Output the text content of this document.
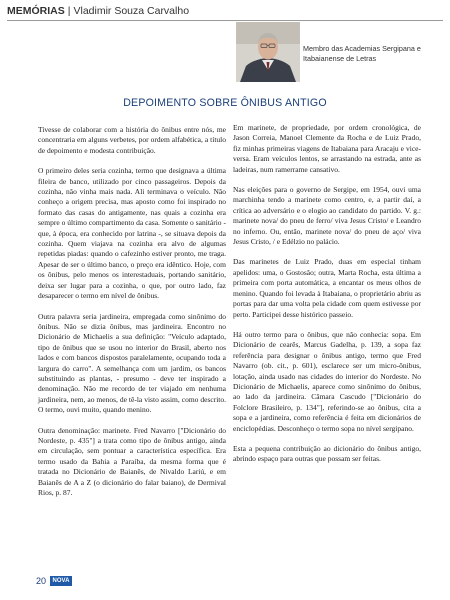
MEMÓRIAS | Vladimir Souza Carvalho
Membro das Academias Sergipana e Itabaianense de Letras
DEPOIMENTO SOBRE ÔNIBUS ANTIGO

Tivesse de colaborar com a história do ônibus entre nós, me concentraria em alguns verbetes, por ordem alfabética, a título de depoimento e modesta contribuição.

O primeiro deles seria cozinha, termo que designava a última fileira de banco, utilizado por cinco passageiros. Depois da cozinha, não vinha mais nada. Ali terminava o veículo. Não conheço a origem precisa, mas aposto como foi inspirado no formato das casas do antigamente, nas quais a cozinha era sempre o último compartimento da casa. Somente o sanitário - que, à época, era conhecido por latrina -, se situava depois da cozinha. Quem viajava na cozinha era alvo de algumas repetidas piadas: quando o cafezinho estiver pronto, me traga. Apesar de ser o último banco, o preço era idêntico. Hoje, com os ônibus, pelo menos os interestaduais, portando sanitário, deixa ser lugar para a cozinha, o que, por outro lado, faz desaparecer o termo em nível de ônibus.

Outra palavra seria jardineira, empregada como sinônimo do ônibus. Não se dizia ônibus, mas jardineira. Encontro no Dicionário de Michaelis a sua definição: "Veículo adaptado, tipo de ônibus que se usou no interior do Brasil, aberto nos lados e com bancos dispostos paralelamente, ocupando toda a largura do carro". A semelhança com um jardim, os bancos substituindo as plantas, - presumo - deve ter inspirado a denominação. Não me recordo de ter viajado em nenhuma jardineira, nem, ao menos, de tê-la visto assim, como descrito. O termo, ouvi muito, quando menino.

Outra denominação: marinete. Fred Navarro ["Dicionário do Nordeste, p. 435"] a trata como tipo de ônibus antigo, ainda em circulação, sem pontuar a característica específica. Era termo usado da Bahia a Paraíba, da mesma forma que é tratada no Dicionário de Baianês, de Nivaldo Lariú, e em Baianês de A a Z (o dicionário do falar baiano), de Dermival Rios, p. 87.

Em marinete, de propriedade, por ordem cronológica, de Jason Correia, Manoel Clemente da Rocha e de Luiz Prado, fiz minhas primeiras viagens de Itabaiana para Aracaju e vice-versa. Eram veículos lentos, se arrastando na estrada, ante as ladeiras, num ramerrame cansativo.

Nas eleições para o governo de Sergipe, em 1954, ouvi uma marchinha tendo a marinete como centro, e, a partir daí, a crítica ao adversário e o elogio ao candidato do partido. V. g.: marinete nova/ do pneu de ferro/ viva Jesus Cristo/ e Leandro no inferno. Ou, então, marinete nova/ do pneu de aço/ viva Jesus Cristo, / e Edélzio no palácio.

Das marinetes de Luiz Prado, duas em especial tinham apelidos: uma, o Gostosão; outra, Marta Rocha, esta última a primeira com porta automática, a encantar os meus olhos de menino. Quando foi levada à Itabaiana, o proprietário abriu as portas para dar uma volta pela cidade com quem estivesse por perto. Participei desse histórico passeio.

Há outro termo para o ônibus, que não conhecia: sopa. Em Dicionário de cearês, Marcus Gadelha, p. 139, a sopa faz referência para designar o ônibus antigo, termo que Fred Navarro (ob. cit., p. 601), esclarece ser um micro-ônibus, lotação, ainda usado nas cidades do interior do Nordeste. No Dicionário de Michaelis, aparece como sinônimo do ônibus, ao lado da jardineira. Câmara Cascudo ["Dicionário do Folclore Brasileiro, p. 134"], referindo-se ao ônibus, cita a sopa e a jardineira, como referência é feita em dicionários de enciclopédias. Desconheço o termo sopa no nível sergipano.

Esta a pequena contribuição ao dicionário do ônibus antigo, abrindo espaço para outras que possam ser feitas.

20	NOVA
